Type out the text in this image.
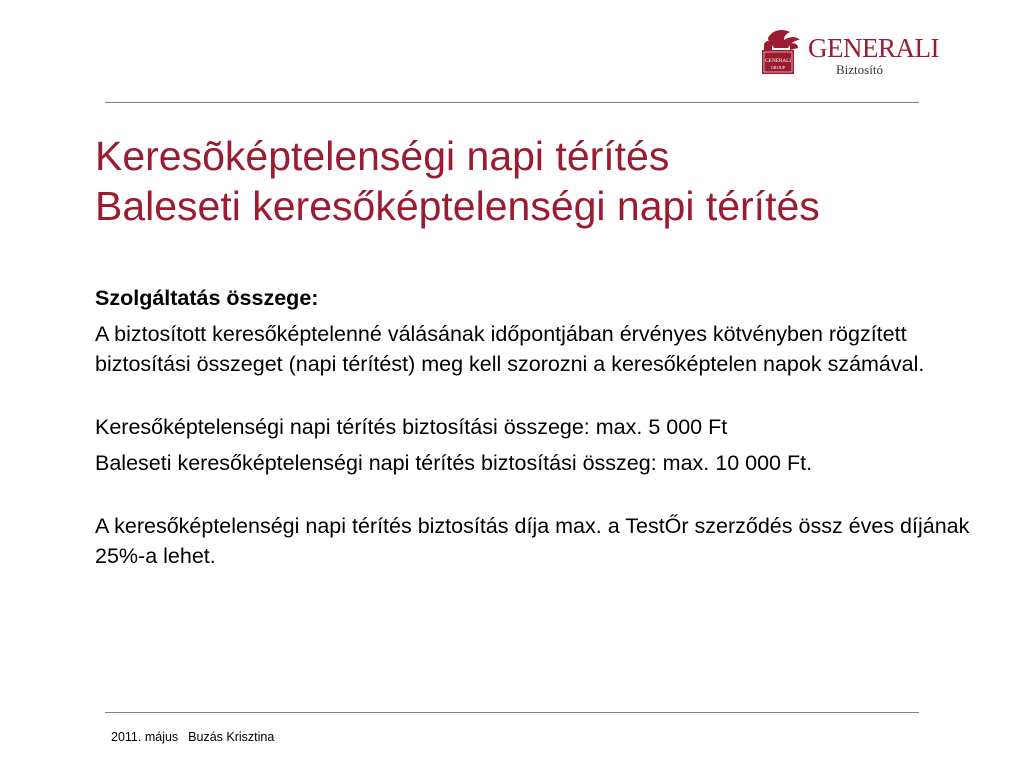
GENERALI
GROUP
GENERALI
Biztosító
Keresõképtelenségi napi térítés
Baleseti keresőképtelenségi napi térítés

Szolgáltatás összege:

A biztosított keresőképtelenné válásának időpontjában érvényes kötvényben rögzített biztosítási összeget (napi térítést) meg kell szorozni a keresőképtelen napok számával.

Keresőképtelenségi napi térítés biztosítási összege: max. 5 000 Ft

Baleseti keresőképtelenségi napi térítés biztosítási összeg: max. 10 000 Ft.

A keresőképtelenségi napi térítés biztosítás díja max. a TestŐr szerződés össz éves díjának 25%-a lehet.

2011. május Buzás Krisztina
